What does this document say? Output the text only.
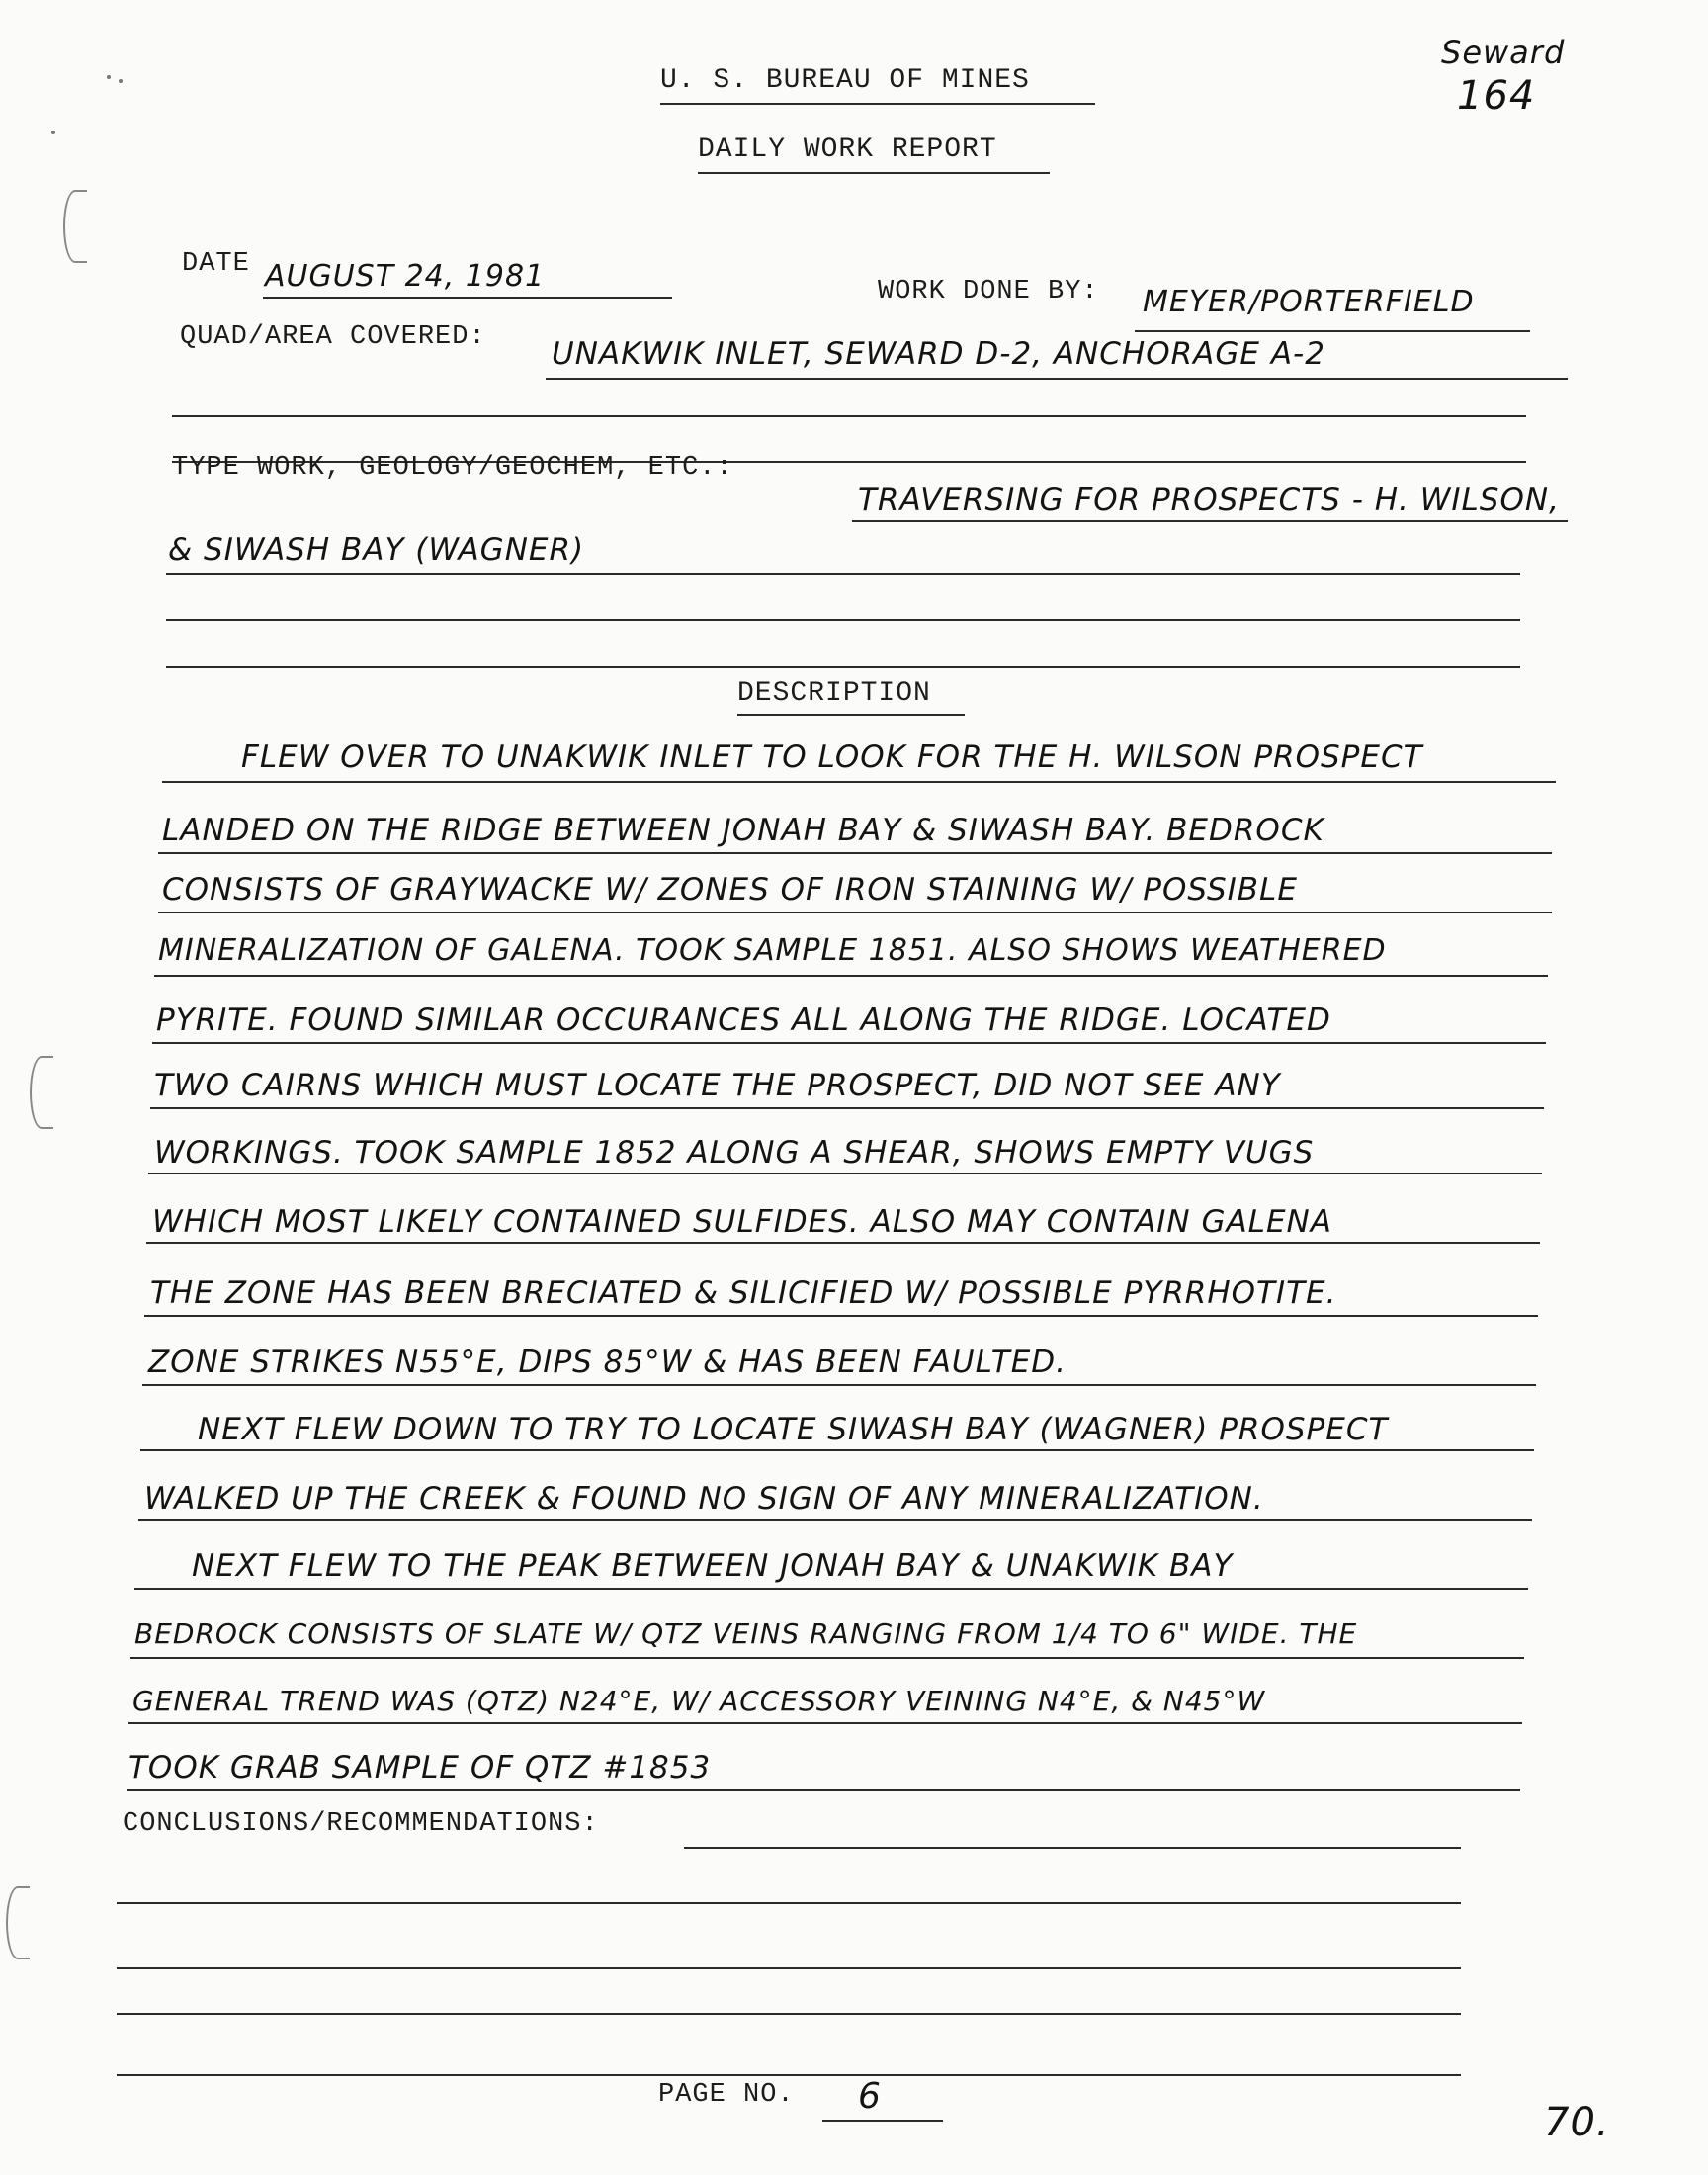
Seward
164
U. S. BUREAU OF MINES
DAILY WORK REPORT
DATE AUGUST 24, 1981	WORK DONE BY: MEYER/PORTERFIELD
QUAD/AREA COVERED: UNAKWIK INLET, SEWARD D-2, ANCHORAGE A-2
TYPE WORK, GEOLOGY/GEOCHEM, ETC.:
TRAVERSING FOR PROSPECTS - H. WILSON,
& SIWASH BAY (WAGNER)
DESCRIPTION
FLEW OVER TO UNAKWIK INLET TO LOOK FOR THE H. WILSON PROSPECT
LANDED ON THE RIDGE BETWEEN JONAH BAY & SIWASH BAY. BEDROCK
CONSISTS OF GRAYWACKE W/ ZONES OF IRON STAINING W/ POSSIBLE
MINERALIZATION OF GALENA. TOOK SAMPLE 1851. ALSO SHOWS WEATHERED
PYRITE. FOUND SIMILAR OCCURANCES ALL ALONG THE RIDGE. LOCATED
TWO CAIRNS WHICH MUST LOCATE THE PROSPECT, DID NOT SEE ANY
WORKINGS. TOOK SAMPLE 1852 ALONG A SHEAR, SHOWS EMPTY VUGS
WHICH MOST LIKELY CONTAINED SULFIDES. ALSO MAY CONTAIN GALENA
THE ZONE HAS BEEN BRECIATED & SILICIFIED W/ POSSIBLE PYRRHOTITE.
ZONE STRIKES N55°E, DIPS 85°W & HAS BEEN FAULTED.
NEXT FLEW DOWN TO TRY TO LOCATE SIWASH BAY (WAGNER) PROSPECT
WALKED UP THE CREEK & FOUND NO SIGN OF ANY MINERALIZATION.
NEXT FLEW TO THE PEAK BETWEEN JONAH BAY & UNAKWIK BAY
BEDROCK CONSISTS OF SLATE W/ QTZ VEINS RANGING FROM 1/4 TO 6" WIDE. THE
GENERAL TREND WAS (QTZ) N24°E, W/ ACCESSORY VEINING N4°E, & N45°W
TOOK GRAB SAMPLE OF QTZ #1853
CONCLUSIONS/RECOMMENDATIONS:
PAGE NO. 6
70.
